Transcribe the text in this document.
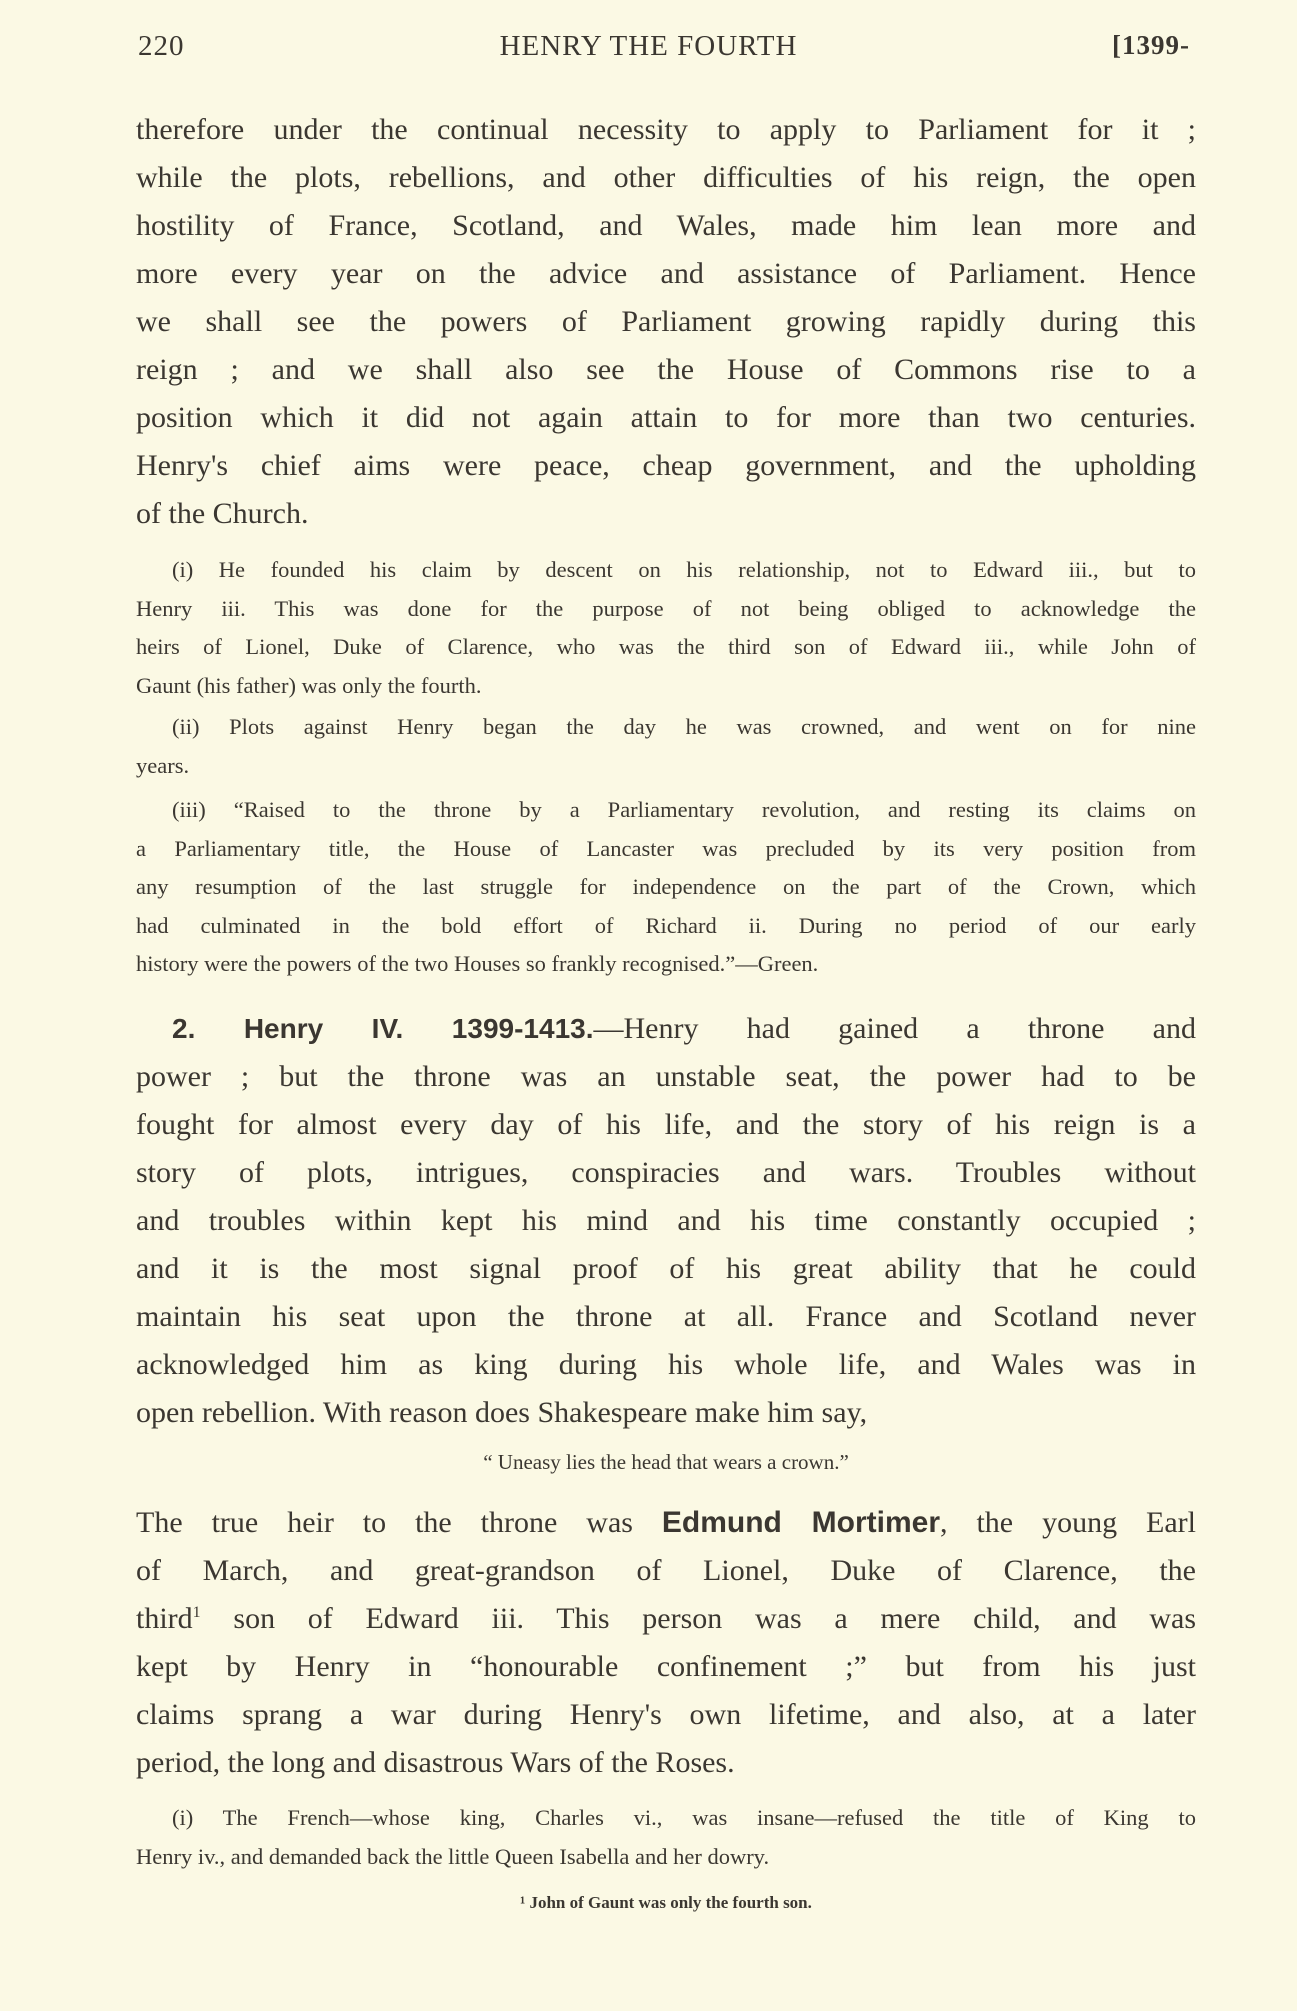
220	HENRY THE FOURTH	[1399-
therefore under the continual necessity to apply to Parliament for it ;
while the plots, rebellions, and other difficulties of his reign, the open
hostility of France, Scotland, and Wales, made him lean more and
more every year on the advice and assistance of Parliament. Hence
we shall see the powers of Parliament growing rapidly during this
reign ; and we shall also see the House of Commons rise to a
position which it did not again attain to for more than two centuries.
Henry's chief aims were peace, cheap government, and the upholding
of the Church.
(i) He founded his claim by descent on his relationship, not to Edward iii., but to
Henry iii. This was done for the purpose of not being obliged to acknowledge the
heirs of Lionel, Duke of Clarence, who was the third son of Edward iii., while John of
Gaunt (his father) was only the fourth.
(ii) Plots against Henry began the day he was crowned, and went on for nine
years.
(iii) “Raised to the throne by a Parliamentary revolution, and resting its claims on
a Parliamentary title, the House of Lancaster was precluded by its very position from
any resumption of the last struggle for independence on the part of the Crown, which
had culminated in the bold effort of Richard ii. During no period of our early
history were the powers of the two Houses so frankly recognised.”—Green.
2. Henry IV. 1399-1413.—Henry had gained a throne and
power ; but the throne was an unstable seat, the power had to be
fought for almost every day of his life, and the story of his reign is a
story of plots, intrigues, conspiracies and wars. Troubles without
and troubles within kept his mind and his time constantly occupied ;
and it is the most signal proof of his great ability that he could
maintain his seat upon the throne at all. France and Scotland never
acknowledged him as king during his whole life, and Wales was in
open rebellion. With reason does Shakespeare make him say,
“ Uneasy lies the head that wears a crown.”
The true heir to the throne was Edmund Mortimer, the young Earl
of March, and great-grandson of Lionel, Duke of Clarence, the
third$^1$ son of Edward iii. This person was a mere child, and was
kept by Henry in “honourable confinement ;” but from his just
claims sprang a war during Henry's own lifetime, and also, at a later
period, the long and disastrous Wars of the Roses.
(i) The French—whose king, Charles vi., was insane—refused the title of King to
Henry iv., and demanded back the little Queen Isabella and her dowry.
¹ John of Gaunt was only the fourth son.
